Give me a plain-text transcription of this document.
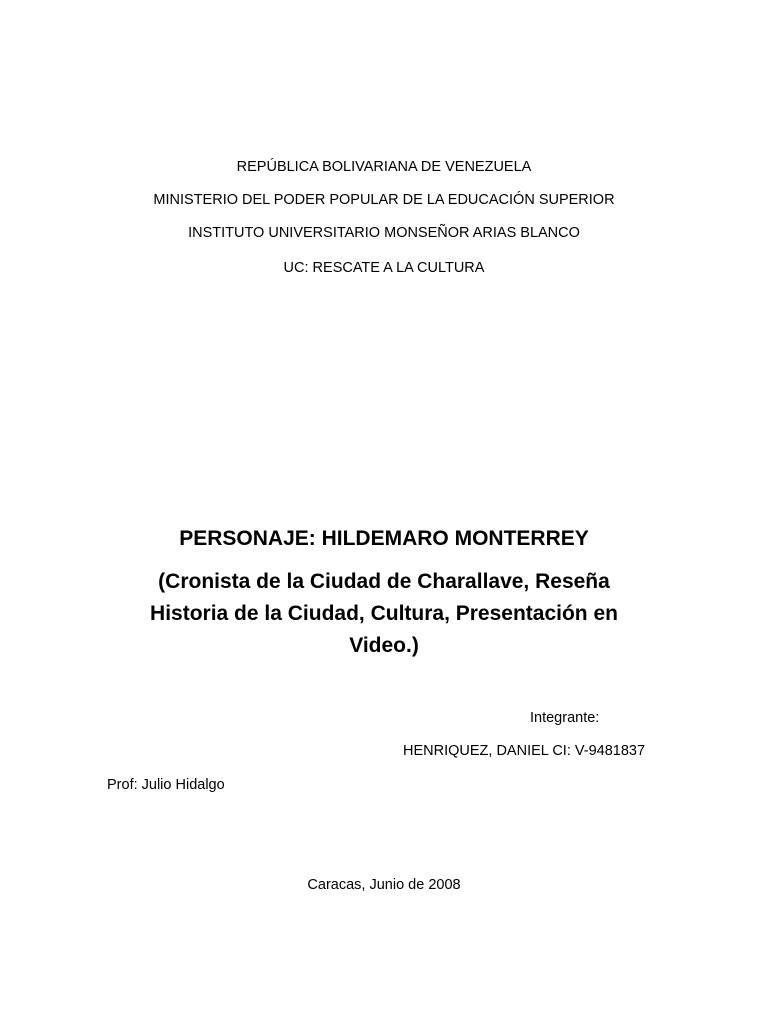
REPÚBLICA BOLIVARIANA DE VENEZUELA
MINISTERIO DEL PODER POPULAR DE LA EDUCACIÓN SUPERIOR
INSTITUTO UNIVERSITARIO MONSEÑOR ARIAS BLANCO
UC: RESCATE A LA CULTURA
PERSONAJE: HILDEMARO MONTERREY
(Cronista de la Ciudad de Charallave, Reseña
Historia de la Ciudad, Cultura, Presentación en
Video.)
Integrante:
HENRIQUEZ, DANIEL CI: V-9481837
Prof: Julio Hidalgo
Caracas, Junio de 2008
